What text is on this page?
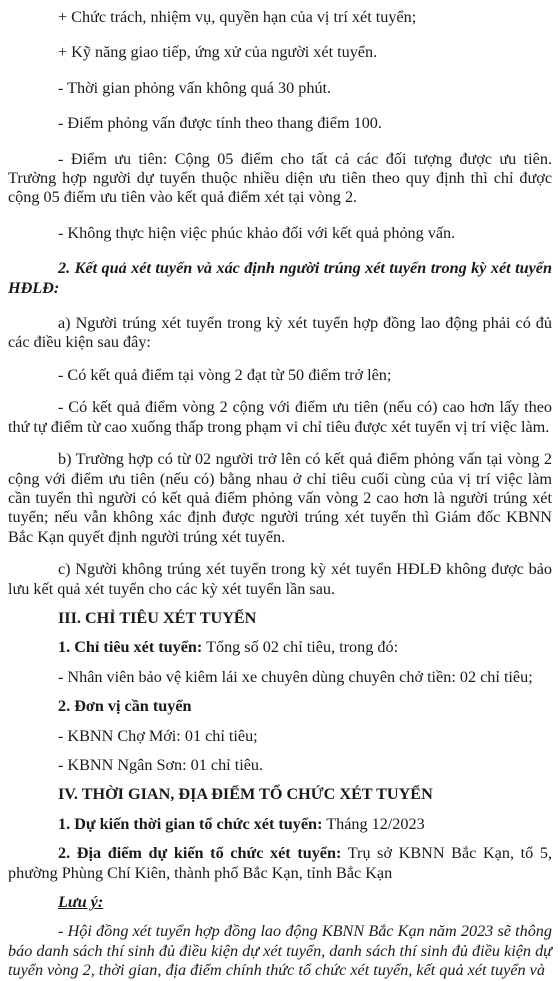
+ Chức trách, nhiệm vụ, quyền hạn của vị trí xét tuyển;

+ Kỹ năng giao tiếp, ứng xử của người xét tuyển.

- Thời gian phỏng vấn không quá 30 phút.

- Điểm phỏng vấn được tính theo thang điểm 100.

- Điểm ưu tiên: Cộng 05 điểm cho tất cả các đối tượng được ưu tiên. Trường hợp người dự tuyển thuộc nhiều diện ưu tiên theo quy định thì chỉ được cộng 05 điểm ưu tiên vào kết quả điểm xét tại vòng 2.

- Không thực hiện việc phúc khảo đối với kết quả phỏng vấn.

2. Kết quả xét tuyển và xác định người trúng xét tuyển trong kỳ xét tuyển HĐLĐ:

a) Người trúng xét tuyển trong kỳ xét tuyển hợp đồng lao động phải có đủ các điều kiện sau đây:

- Có kết quả điểm tại vòng 2 đạt từ 50 điểm trở lên;

- Có kết quả điểm vòng 2 cộng với điểm ưu tiên (nếu có) cao hơn lấy theo thứ tự điểm từ cao xuống thấp trong phạm vi chỉ tiêu được xét tuyển vị trí việc làm.

b) Trường hợp có từ 02 người trở lên có kết quả điểm phỏng vấn tại vòng 2 cộng với điểm ưu tiên (nếu có) bằng nhau ở chỉ tiêu cuối cùng của vị trí việc làm cần tuyển thì người có kết quả điểm phỏng vấn vòng 2 cao hơn là người trúng xét tuyển; nếu vẫn không xác định được người trúng xét tuyển thì Giám đốc KBNN Bắc Kạn quyết định người trúng xét tuyển.

c) Người không trúng xét tuyển trong kỳ xét tuyển HĐLĐ không được bảo lưu kết quả xét tuyển cho các kỳ xét tuyển lần sau.

III. CHỈ TIÊU XÉT TUYỂN

1. Chỉ tiêu xét tuyển: Tổng số 02 chỉ tiêu, trong đó:

- Nhân viên bảo vệ kiêm lái xe chuyên dùng chuyên chở tiền: 02 chỉ tiêu;

2. Đơn vị cần tuyển

- KBNN Chợ Mới: 01 chỉ tiêu;

- KBNN Ngân Sơn: 01 chỉ tiêu.

IV. THỜI GIAN, ĐỊA ĐIỂM TỔ CHỨC XÉT TUYỂN

1. Dự kiến thời gian tổ chức xét tuyển: Tháng 12/2023

2. Địa điểm dự kiến tổ chức xét tuyển: Trụ sở KBNN Bắc Kạn, tổ 5, phường Phùng Chí Kiên, thành phố Bắc Kạn, tỉnh Bắc Kạn

Lưu ý:

- Hội đồng xét tuyển hợp đồng lao động KBNN Bắc Kạn năm 2023 sẽ thông báo danh sách thí sinh đủ điều kiện dự xét tuyển, danh sách thí sinh đủ điều kiện dự tuyển vòng 2, thời gian, địa điểm chính thức tổ chức xét tuyển, kết quả xét tuyển và
